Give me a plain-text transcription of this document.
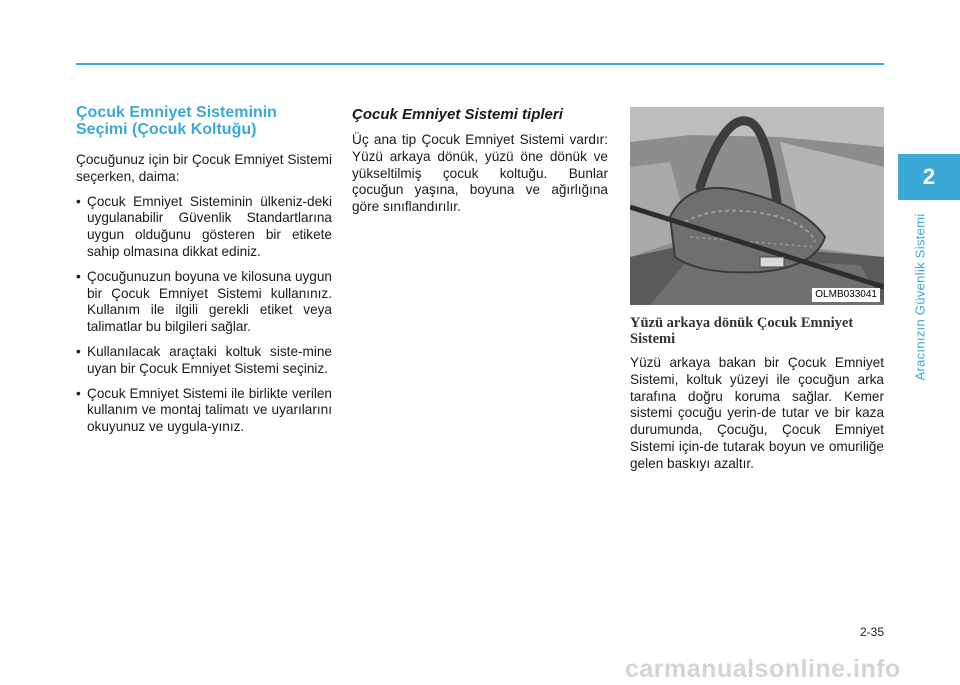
Çocuk Emniyet Sisteminin Seçimi (Çocuk Koltuğu)

Çocuğunuz için bir Çocuk Emniyet Sistemi seçerken, daima:

• Çocuk Emniyet Sisteminin ülkeniz-deki uygulanabilir Güvenlik Standartlarına uygun olduğunu gösteren bir etikete sahip olmasına dikkat ediniz.
• Çocuğunuzun boyuna ve kilosuna uygun bir Çocuk Emniyet Sistemi kullanınız. Kullanım ile ilgili gerekli etiket veya talimatlar bu bilgileri sağlar.
• Kullanılacak araçtaki koltuk siste-mine uyan bir Çocuk Emniyet Sistemi seçiniz.
• Çocuk Emniyet Sistemi ile birlikte verilen kullanım ve montaj talimatı ve uyarılarını okuyunuz ve uygula-yınız.
Çocuk Emniyet Sistemi tipleri

Üç ana tip Çocuk Emniyet Sistemi vardır: Yüzü arkaya dönük, yüzü öne dönük ve yükseltilmiş çocuk koltuğu. Bunlar çocuğun yaşına, boyuna ve ağırlığına göre sınıflandırılır.

OLMB033041
Yüzü arkaya dönük Çocuk Emniyet Sistemi

Yüzü arkaya bakan bir Çocuk Emniyet Sistemi, koltuk yüzeyi ile çocuğun arka tarafına doğru koruma sağlar. Kemer sistemi çocuğu yerin-de tutar ve bir kaza durumunda, Çocuğu, Çocuk Emniyet Sistemi için-de tutarak boyun ve omuriliğe gelen baskıyı azaltır.

2
Aracınızın Güvenlik Sistemi
2-35
carmanualsonline.info
